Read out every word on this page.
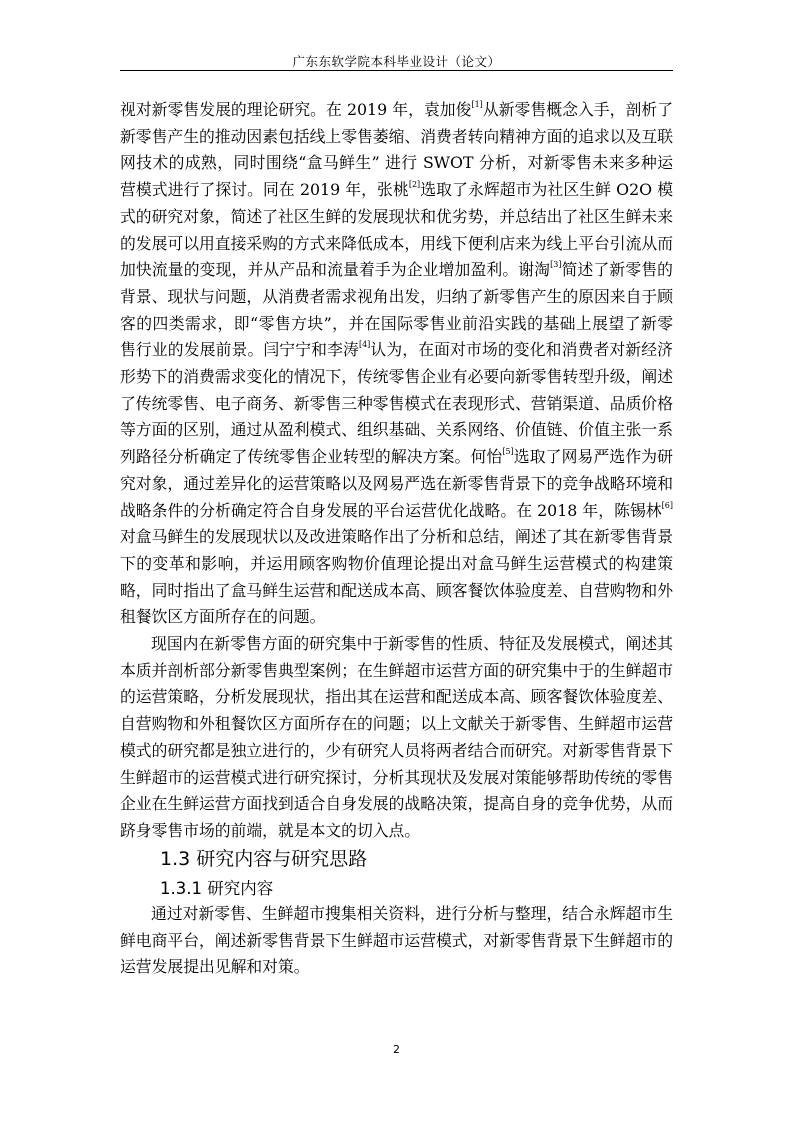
广东东软学院本科毕业设计（论文）

视对新零售发展的理论研究。在 2019 年，袁加俊[1]从新零售概念入手，剖析了新零售产生的推动因素包括线上零售萎缩、消费者转向精神方面的追求以及互联网技术的成熟，同时围绕“盒马鲜生” 进行 SWOT 分析，对新零售未来多种运营模式进行了探讨。同在 2019 年，张桃[2]选取了永辉超市为社区生鲜 O2O 模式的研究对象，简述了社区生鲜的发展现状和优劣势，并总结出了社区生鲜未来的发展可以用直接采购的方式来降低成本，用线下便利店来为线上平台引流从而加快流量的变现，并从产品和流量着手为企业增加盈利。谢淘[3]简述了新零售的背景、现状与问题，从消费者需求视角出发，归纳了新零售产生的原因来自于顾客的四类需求，即“零售方块”，并在国际零售业前沿实践的基础上展望了新零售行业的发展前景。闫宁宁和李涛[4]认为，在面对市场的变化和消费者对新经济形势下的消费需求变化的情况下，传统零售企业有必要向新零售转型升级，阐述了传统零售、电子商务、新零售三种零售模式在表现形式、营销渠道、品质价格等方面的区别，通过从盈利模式、组织基础、关系网络、价值链、价值主张一系列路径分析确定了传统零售企业转型的解决方案。何怡[5]选取了网易严选作为研究对象，通过差异化的运营策略以及网易严选在新零售背景下的竞争战略环境和战略条件的分析确定符合自身发展的平台运营优化战略。在 2018 年，陈锡林[6]对盒马鲜生的发展现状以及改进策略作出了分析和总结，阐述了其在新零售背景下的变革和影响，并运用顾客购物价值理论提出对盒马鲜生运营模式的构建策略，同时指出了盒马鲜生运营和配送成本高、顾客餐饮体验度差、自营购物和外租餐饮区方面所存在的问题。

现国内在新零售方面的研究集中于新零售的性质、特征及发展模式，阐述其本质并剖析部分新零售典型案例；在生鲜超市运营方面的研究集中于的生鲜超市的运营策略，分析发展现状，指出其在运营和配送成本高、顾客餐饮体验度差、自营购物和外租餐饮区方面所存在的问题；以上文献关于新零售、生鲜超市运营模式的研究都是独立进行的，少有研究人员将两者结合而研究。对新零售背景下生鲜超市的运营模式进行研究探讨，分析其现状及发展对策能够帮助传统的零售企业在生鲜运营方面找到适合自身发展的战略决策，提高自身的竞争优势，从而跻身零售市场的前端，就是本文的切入点。

1.3 研究内容与研究思路
1.3.1 研究内容

通过对新零售、生鲜超市搜集相关资料，进行分析与整理，结合永辉超市生鲜电商平台，阐述新零售背景下生鲜超市运营模式，对新零售背景下生鲜超市的运营发展提出见解和对策。

2
